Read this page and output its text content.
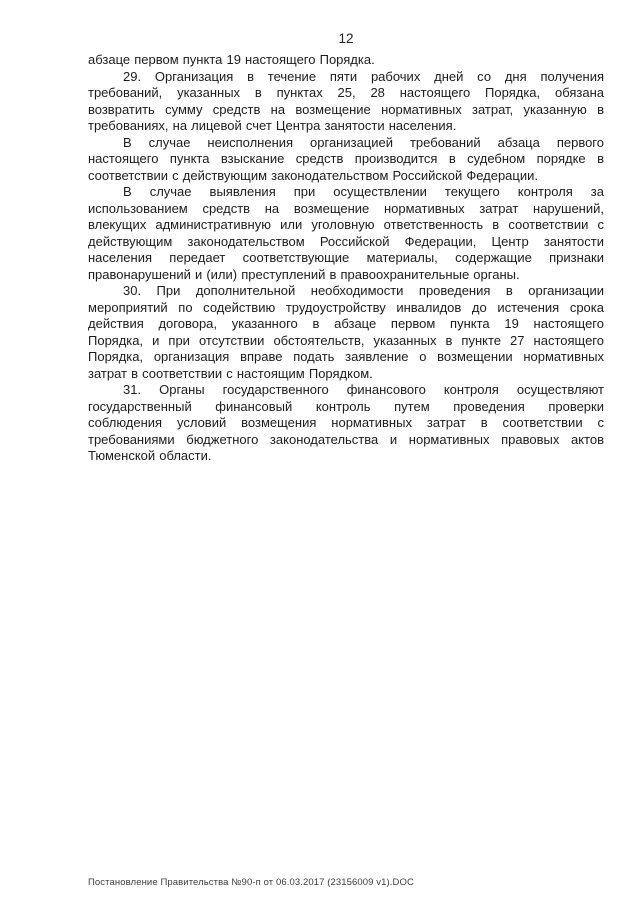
12
абзаце первом пункта 19 настоящего Порядка.
29. Организация в течение пяти рабочих дней со дня получения
требований, указанных в пунктах 25, 28 настоящего Порядка, обязана
возвратить сумму средств на возмещение нормативных затрат, указанную в
требованиях, на лицевой счет Центра занятости населения.
В случае неисполнения организацией требований абзаца первого
настоящего пункта взыскание средств производится в судебном порядке в
соответствии с действующим законодательством Российской Федерации.
В случае выявления при осуществлении текущего контроля за
использованием средств на возмещение нормативных затрат нарушений,
влекущих административную или уголовную ответственность в соответствии с
действующим законодательством Российской Федерации, Центр занятости
населения передает соответствующие материалы, содержащие признаки
правонарушений и (или) преступлений в правоохранительные органы.
30. При дополнительной необходимости проведения в организации
мероприятий по содействию трудоустройству инвалидов до истечения срока
действия договора, указанного в абзаце первом пункта 19 настоящего
Порядка, и при отсутствии обстоятельств, указанных в пункте 27 настоящего
Порядка, организация вправе подать заявление о возмещении нормативных
затрат в соответствии с настоящим Порядком.
31. Органы государственного финансового контроля осуществляют
государственный финансовый контроль путем проведения проверки
соблюдения условий возмещения нормативных затрат в соответствии с
требованиями бюджетного законодательства и нормативных правовых актов
Тюменской области.
Постановление Правительства №90-п от 06.03.2017 (23156009 v1).DOC
